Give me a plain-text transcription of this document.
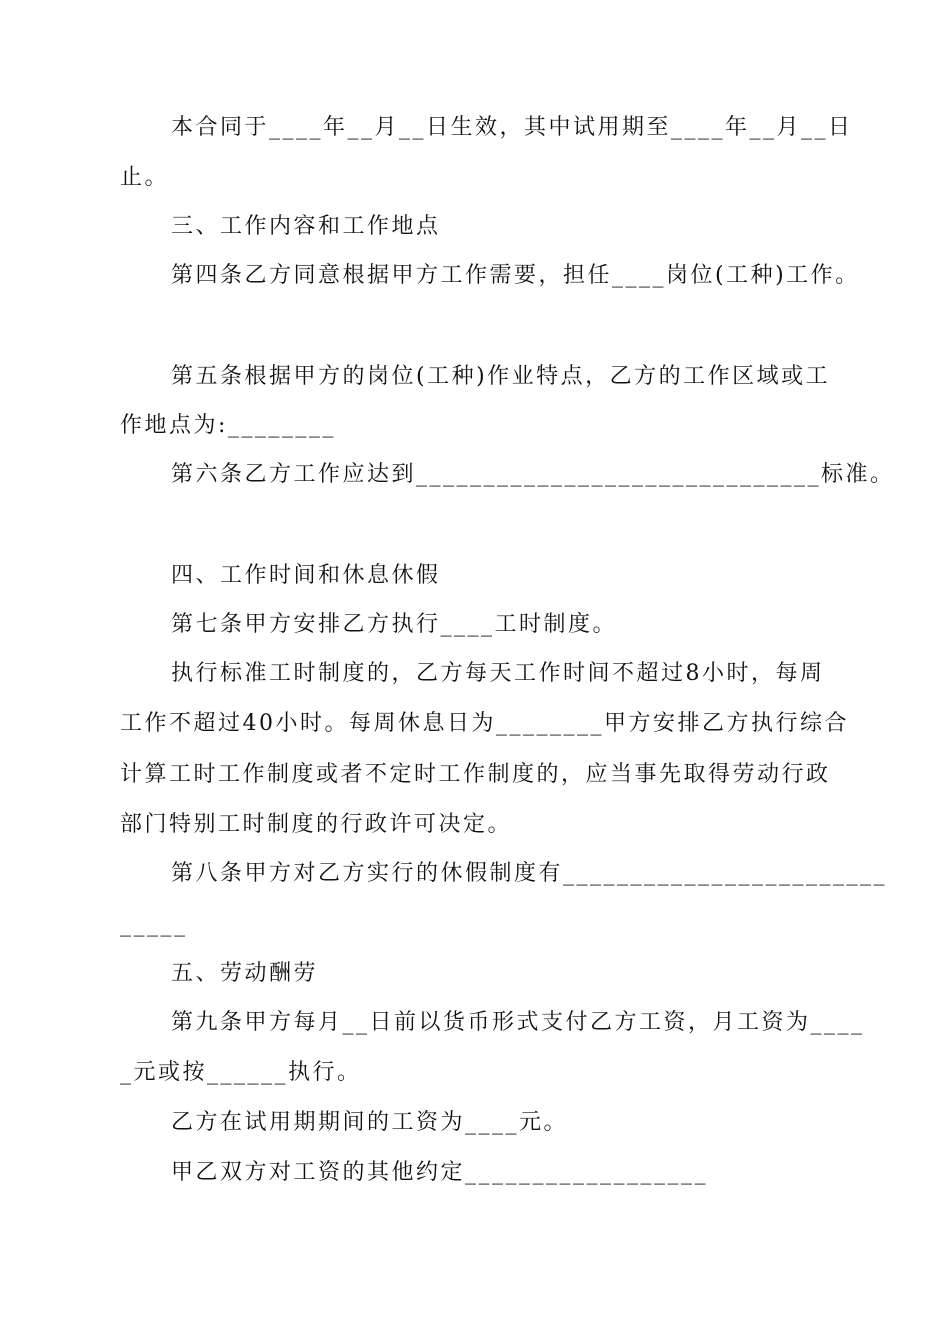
本合同于____年__月__日生效，其中试用期至____年__月__日
止。
三、工作内容和工作地点
第四条乙方同意根据甲方工作需要，担任____岗位(工种)工作。
第五条根据甲方的岗位(工种)作业特点，乙方的工作区域或工
作地点为:________
第六条乙方工作应达到______________________________标准。
四、工作时间和休息休假
第七条甲方安排乙方执行____工时制度。
执行标准工时制度的，乙方每天工作时间不超过8小时，每周
工作不超过40小时。每周休息日为________甲方安排乙方执行综合
计算工时工作制度或者不定时工作制度的，应当事先取得劳动行政
部门特别工时制度的行政许可决定。
第八条甲方对乙方实行的休假制度有________________________
_____
五、劳动酬劳
第九条甲方每月__日前以货币形式支付乙方工资，月工资为____
_元或按______执行。
乙方在试用期期间的工资为____元。
甲乙双方对工资的其他约定__________________
